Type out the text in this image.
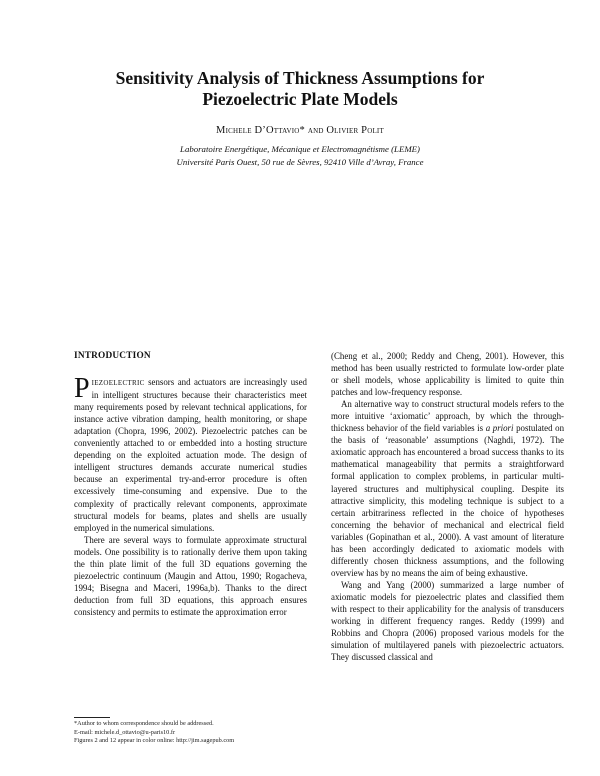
Sensitivity Analysis of Thickness Assumptions for
Piezoelectric Plate Models

Michele D’Ottavio* and Olivier Polit

Laboratoire Energétique, Mécanique et Electromagnétisme (LEME)
Université Paris Ouest, 50 rue de Sèvres, 92410 Ville d’Avray, France

INTRODUCTION

PIEZOELECTRIC sensors and actuators are increasingly used in intelligent structures because their characteristics meet many requirements posed by relevant technical applications, for instance active vibration damping, health monitoring, or shape adaptation (Chopra, 1996, 2002). Piezoelectric patches can be conveniently attached to or embedded into a hosting structure depending on the exploited actuation mode. The design of intelligent structures demands accurate numerical studies because an experimental try-and-error procedure is often excessively time-consuming and expensive. Due to the complexity of practically relevant components, approximate structural models for beams, plates and shells are usually employed in the numerical simulations.

There are several ways to formulate approximate structural models. One possibility is to rationally derive them upon taking the thin plate limit of the full 3D equations governing the piezoelectric continuum (Maugin and Attou, 1990; Rogacheva, 1994; Bisegna and Maceri, 1996a,b). Thanks to the direct deduction from full 3D equations, this approach ensures consistency and permits to estimate the approximation error

(Cheng et al., 2000; Reddy and Cheng, 2001). However, this method has been usually restricted to formulate low-order plate or shell models, whose applicability is limited to quite thin patches and low-frequency response.

An alternative way to construct structural models refers to the more intuitive ‘axiomatic’ approach, by which the through-thickness behavior of the field variables is a priori postulated on the basis of ‘reasonable’ assumptions (Naghdi, 1972). The axiomatic approach has encountered a broad success thanks to its mathematical manageability that permits a straightforward formal application to complex problems, in particular multi-layered structures and multiphysical coupling. Despite its attractive simplicity, this modeling technique is subject to a certain arbitrariness reflected in the choice of hypotheses concerning the behavior of mechanical and electrical field variables (Gopinathan et al., 2000). A vast amount of literature has been accordingly dedicated to axiomatic models with differently chosen thickness assumptions, and the following overview has by no means the aim of being exhaustive.

Wang and Yang (2000) summarized a large number of axiomatic models for piezoelectric plates and classified them with respect to their applicability for the analysis of transducers working in different frequency ranges. Reddy (1999) and Robbins and Chopra (2006) proposed various models for the simulation of multilayered panels with piezoelectric actuators. They discussed classical and

*Author to whom correspondence should be addressed.
E-mail: michele.d_ottavio@u-paris10.fr
Figures 2 and 12 appear in color online: http://jim.sagepub.com
